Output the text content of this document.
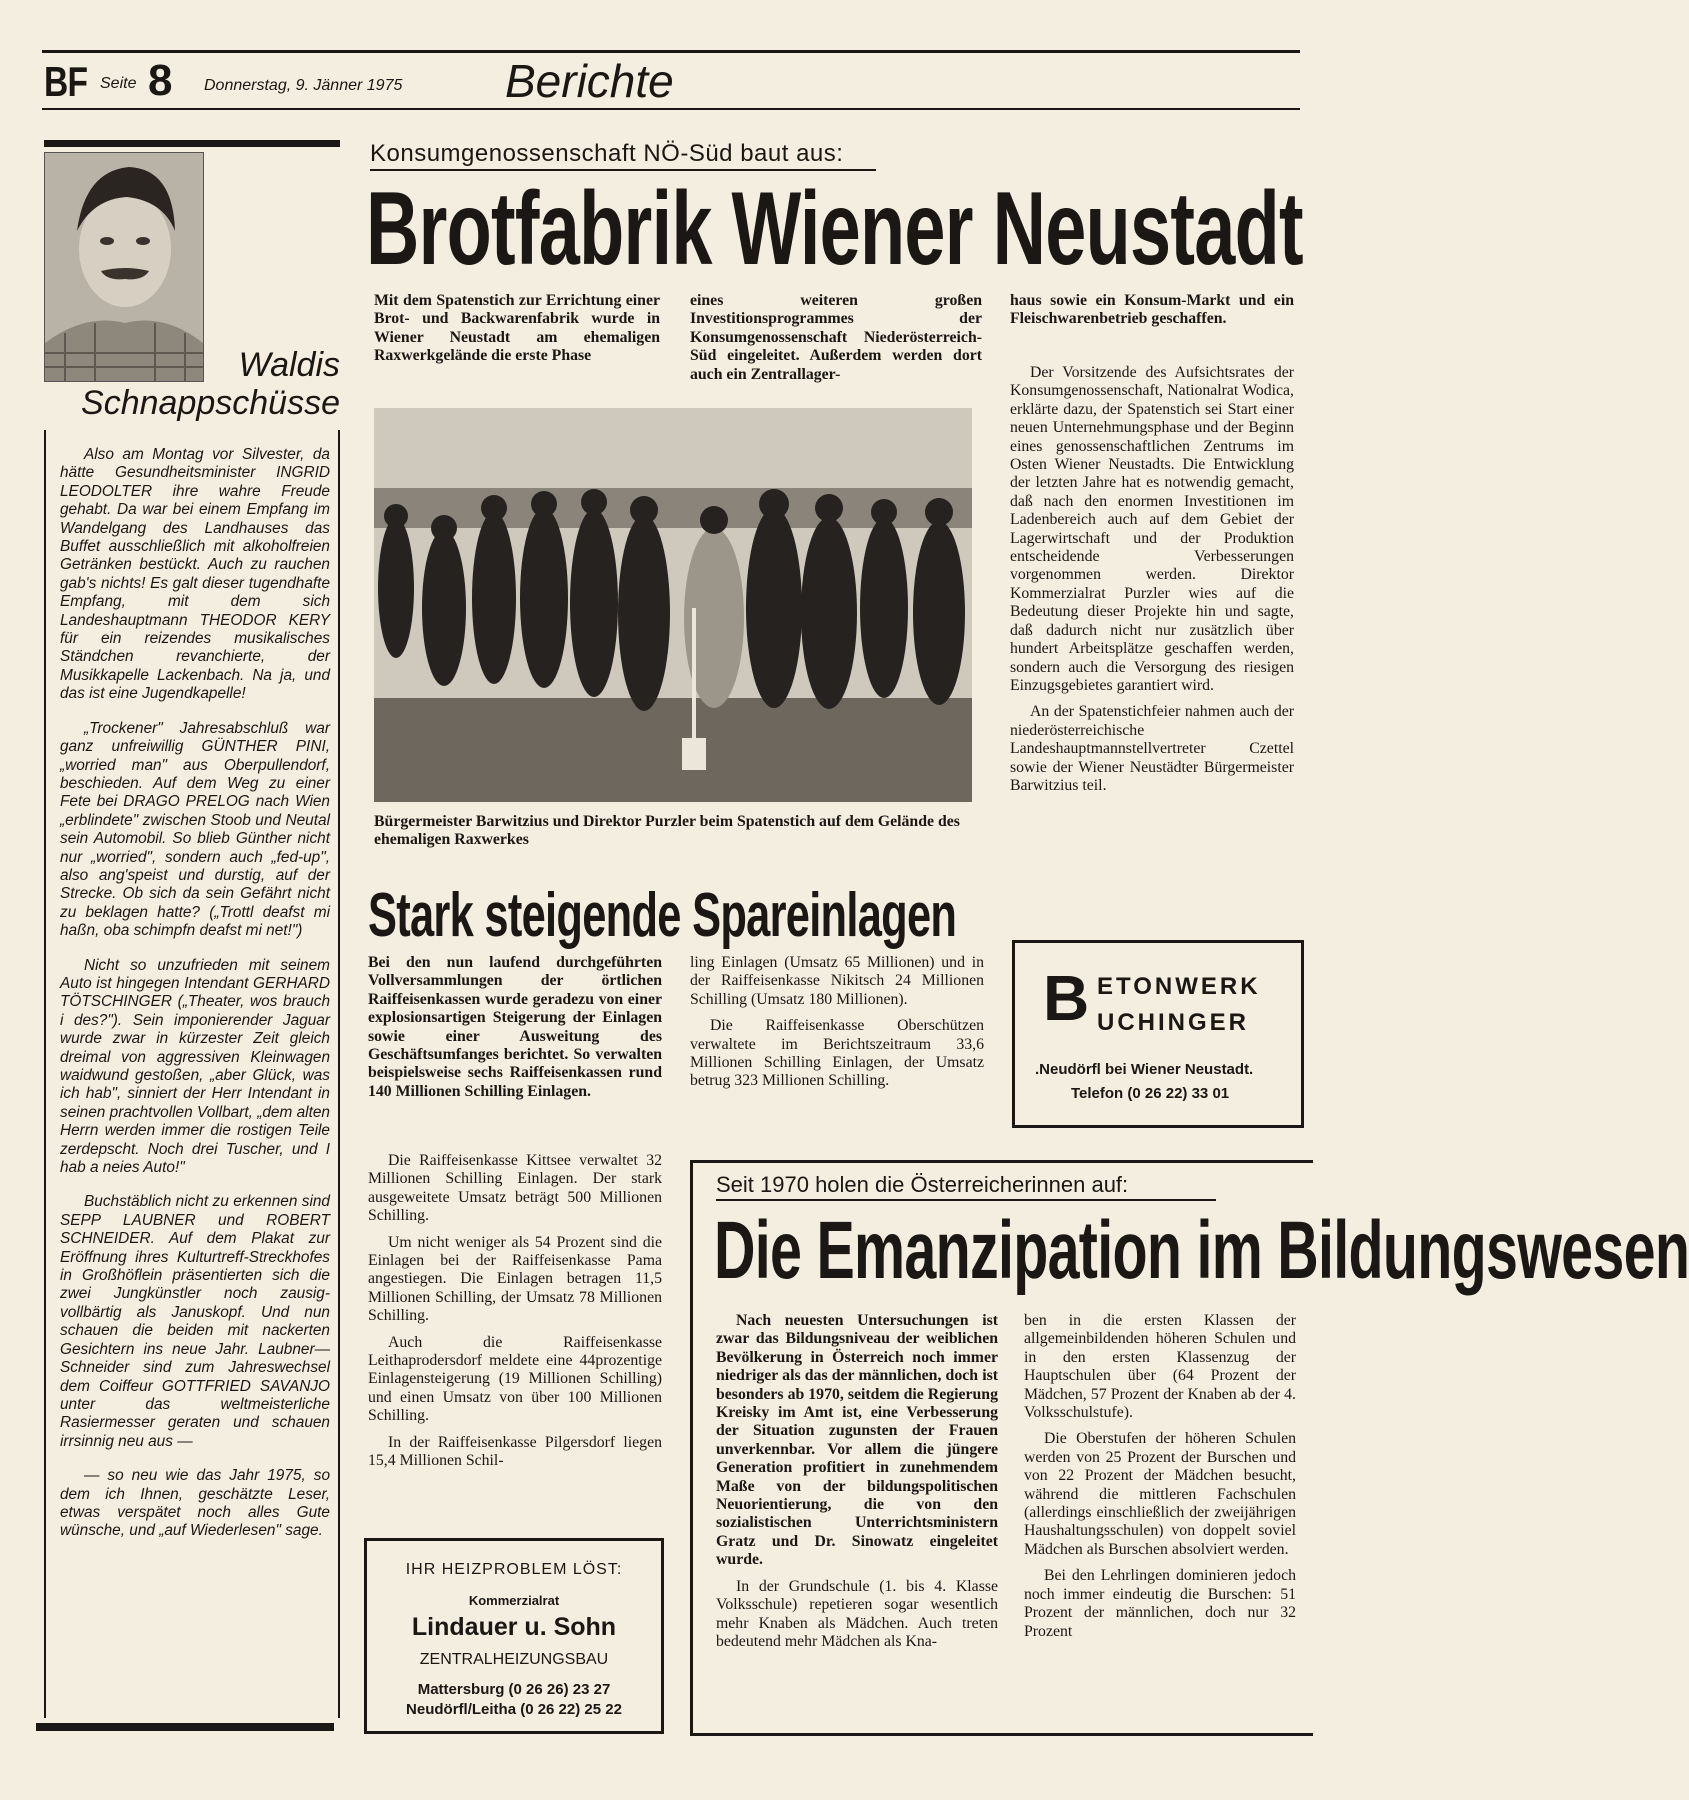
BF Seite 8 Donnerstag, 9. Jänner 1975 Berichte
Waldis
Schnappschüsse

Also am Montag vor Silvester, da hätte Gesundheitsminister INGRID LEODOLTER ihre wahre Freude gehabt. Da war bei einem Empfang im Wandelgang des Landhauses das Buffet ausschließlich mit alkoholfreien Getränken bestückt. Auch zu rauchen gab's nichts! Es galt dieser tugendhafte Empfang, mit dem sich Landeshauptmann THEODOR KERY für ein reizendes musikalisches Ständchen revanchierte, der Musikkapelle Lackenbach. Na ja, und das ist eine Jugendkapelle!

„Trockener" Jahresabschluß war ganz unfreiwillig GÜNTHER PINI, „worried man" aus Oberpullendorf, beschieden. Auf dem Weg zu einer Fete bei DRAGO PRELOG nach Wien „erblindete" zwischen Stoob und Neutal sein Automobil. So blieb Günther nicht nur „worried", sondern auch „fed-up", also ang'speist und durstig, auf der Strecke. Ob sich da sein Gefährt nicht zu beklagen hatte? („Trottl deafst mi haßn, oba schimpfn deafst mi net!")

Nicht so unzufrieden mit seinem Auto ist hingegen Intendant GERHARD TÖTSCHINGER („Theater, wos brauch i des?"). Sein imponierender Jaguar wurde zwar in kürzester Zeit gleich dreimal von aggressiven Kleinwagen waidwund gestoßen, „aber Glück, was ich hab", sinniert der Herr Intendant in seinen prachtvollen Vollbart, „dem alten Herrn werden immer die rostigen Teile zerdepscht. Noch drei Tuscher, und I hab a neies Auto!"

Buchstäblich nicht zu erkennen sind SEPP LAUBNER und ROBERT SCHNEIDER. Auf dem Plakat zur Eröffnung ihres Kulturtreff-Streckhofes in Großhöflein präsentierten sich die zwei Jungkünstler noch zausig-vollbärtig als Januskopf. Und nun schauen die beiden mit nackerten Gesichtern ins neue Jahr. Laubner—Schneider sind zum Jahreswechsel dem Coiffeur GOTTFRIED SAVANJO unter das weltmeisterliche Rasiermesser geraten und schauen irrsinnig neu aus —

— so neu wie das Jahr 1975, so dem ich Ihnen, geschätzte Leser, etwas verspätet noch alles Gute wünsche, und „auf Wiederlesen" sage.

Konsumgenossenschaft NÖ-Süd baut aus:
Brotfabrik Wiener Neustadt
Mit dem Spatenstich zur Errichtung einer Brot- und Backwarenfabrik wurde in Wiener Neustadt am ehemaligen Raxwerkgelände die erste Phase
eines weiteren großen Investitionsprogrammes der Konsumgenossenschaft Niederösterreich-Süd eingeleitet. Außerdem werden dort auch ein Zentrallager-
haus sowie ein Konsum-Markt und ein Fleischwarenbetrieb geschaffen.
Bürgermeister Barwitzius und Direktor Purzler beim Spatenstich auf dem Gelände des ehemaligen Raxwerkes

Der Vorsitzende des Aufsichtsrates der Konsumgenossenschaft, Nationalrat Wodica, erklärte dazu, der Spatenstich sei Start einer neuen Unternehmungsphase und der Beginn eines genossenschaftlichen Zentrums im Osten Wiener Neustadts. Die Entwicklung der letzten Jahre hat es notwendig gemacht, daß nach den enormen Investitionen im Ladenbereich auch auf dem Gebiet der Lagerwirtschaft und der Produktion entscheidende Verbesserungen vorgenommen werden. Direktor Kommerzialrat Purzler wies auf die Bedeutung dieser Projekte hin und sagte, daß dadurch nicht nur zusätzlich über hundert Arbeitsplätze geschaffen werden, sondern auch die Versorgung des riesigen Einzugsgebietes garantiert wird.

An der Spatenstichfeier nahmen auch der niederösterreichische Landeshauptmannstellvertreter Czettel sowie der Wiener Neustädter Bürgermeister Barwitzius teil.

Stark steigende Spareinlagen
Bei den nun laufend durchgeführten Vollversammlungen der örtlichen Raiffeisenkassen wurde geradezu von einer explosionsartigen Steigerung der Einlagen sowie einer Ausweitung des Geschäftsumfanges berichtet. So verwalten beispielsweise sechs Raiffeisenkassen rund 140 Millionen Schilling Einlagen.

Die Raiffeisenkasse Kittsee verwaltet 32 Millionen Schilling Einlagen. Der stark ausgeweitete Umsatz beträgt 500 Millionen Schilling.

Um nicht weniger als 54 Prozent sind die Einlagen bei der Raiffeisenkasse Pama angestiegen. Die Einlagen betragen 11,5 Millionen Schilling, der Umsatz 78 Millionen Schilling.

Auch die Raiffeisenkasse Leithaprodersdorf meldete eine 44prozentige Einlagensteigerung (19 Millionen Schilling) und einen Umsatz von über 100 Millionen Schilling.

In der Raiffeisenkasse Pilgersdorf liegen 15,4 Millionen Schil-

ling Einlagen (Umsatz 65 Millionen) und in der Raiffeisenkasse Nikitsch 24 Millionen Schilling (Umsatz 180 Millionen).

Die Raiffeisenkasse Oberschützen verwaltete im Berichtszeitraum 33,6 Millionen Schilling Einlagen, der Umsatz betrug 323 Millionen Schilling.

IHR HEIZPROBLEM LÖST:
Kommerzialrat
Lindauer u. Sohn
ZENTRALHEIZUNGSBAU
Mattersburg (0 26 26) 23 27
Neudörfl/Leitha (0 26 22) 25 22
B ETONWERK
UCHINGER
.Neudörfl bei Wiener Neustadt.
Telefon (0 26 22) 33 01
Seit 1970 holen die Österreicherinnen auf:
Die Emanzipation im Bildungswesen

Nach neuesten Untersuchungen ist zwar das Bildungsniveau der weiblichen Bevölkerung in Österreich noch immer niedriger als das der männlichen, doch ist besonders ab 1970, seitdem die Regierung Kreisky im Amt ist, eine Verbesserung der Situation zugunsten der Frauen unverkennbar. Vor allem die jüngere Generation profitiert in zunehmendem Maße von der bildungspolitischen Neuorientierung, die von den sozialistischen Unterrichtsministern Gratz und Dr. Sinowatz eingeleitet wurde.

In der Grundschule (1. bis 4. Klasse Volksschule) repetieren sogar wesentlich mehr Knaben als Mädchen. Auch treten bedeutend mehr Mädchen als Kna-

ben in die ersten Klassen der allgemeinbildenden höheren Schulen und in den ersten Klassenzug der Hauptschulen über (64 Prozent der Mädchen, 57 Prozent der Knaben ab der 4. Volksschulstufe).

Die Oberstufen der höheren Schulen werden von 25 Prozent der Burschen und von 22 Prozent der Mädchen besucht, während die mittleren Fachschulen (allerdings einschließlich der zweijährigen Haushaltungsschulen) von doppelt soviel Mädchen als Burschen absolviert werden.

Bei den Lehrlingen dominieren jedoch noch immer eindeutig die Burschen: 51 Prozent der männlichen, doch nur 32 Prozent
